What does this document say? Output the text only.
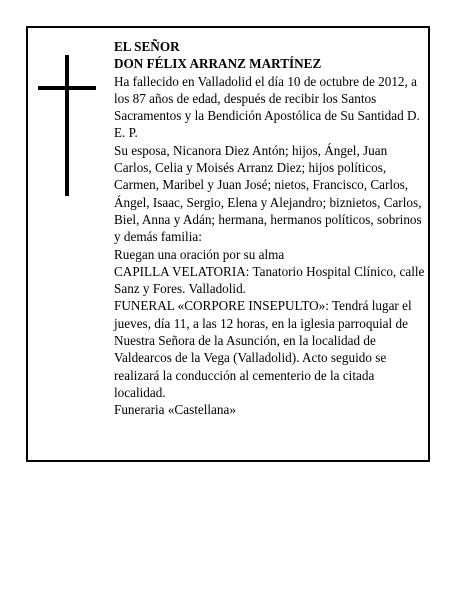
EL SEÑOR

DON FÉLIX ARRANZ MARTÍNEZ

Ha fallecido en Valladolid el día 10 de octubre de 2012, a los 87 años de edad, después de recibir los Santos Sacramentos y la Bendición Apostólica de Su Santidad D. E. P.

Su esposa, Nicanora Diez Antón; hijos, Ángel, Juan Carlos, Celia y Moisés Arranz Diez; hijos políticos, Carmen, Maribel y Juan José; nietos, Francisco, Carlos, Ángel, Isaac, Sergio, Elena y Alejandro; biznietos, Carlos, Biel, Anna y Adán; hermana, hermanos políticos, sobrinos y demás familia:

Ruegan una oración por su alma

CAPILLA VELATORIA: Tanatorio Hospital Clínico, calle Sanz y Fores. Valladolid.

FUNERAL «CORPORE INSEPULTO»: Tendrá lugar el jueves, día 11, a las 12 horas, en la iglesia parroquial de Nuestra Señora de la Asunción, en la localidad de Valdearcos de la Vega (Valladolid). Acto seguido se realizará la conducción al cementerio de la citada localidad.

Funeraria «Castellana»
